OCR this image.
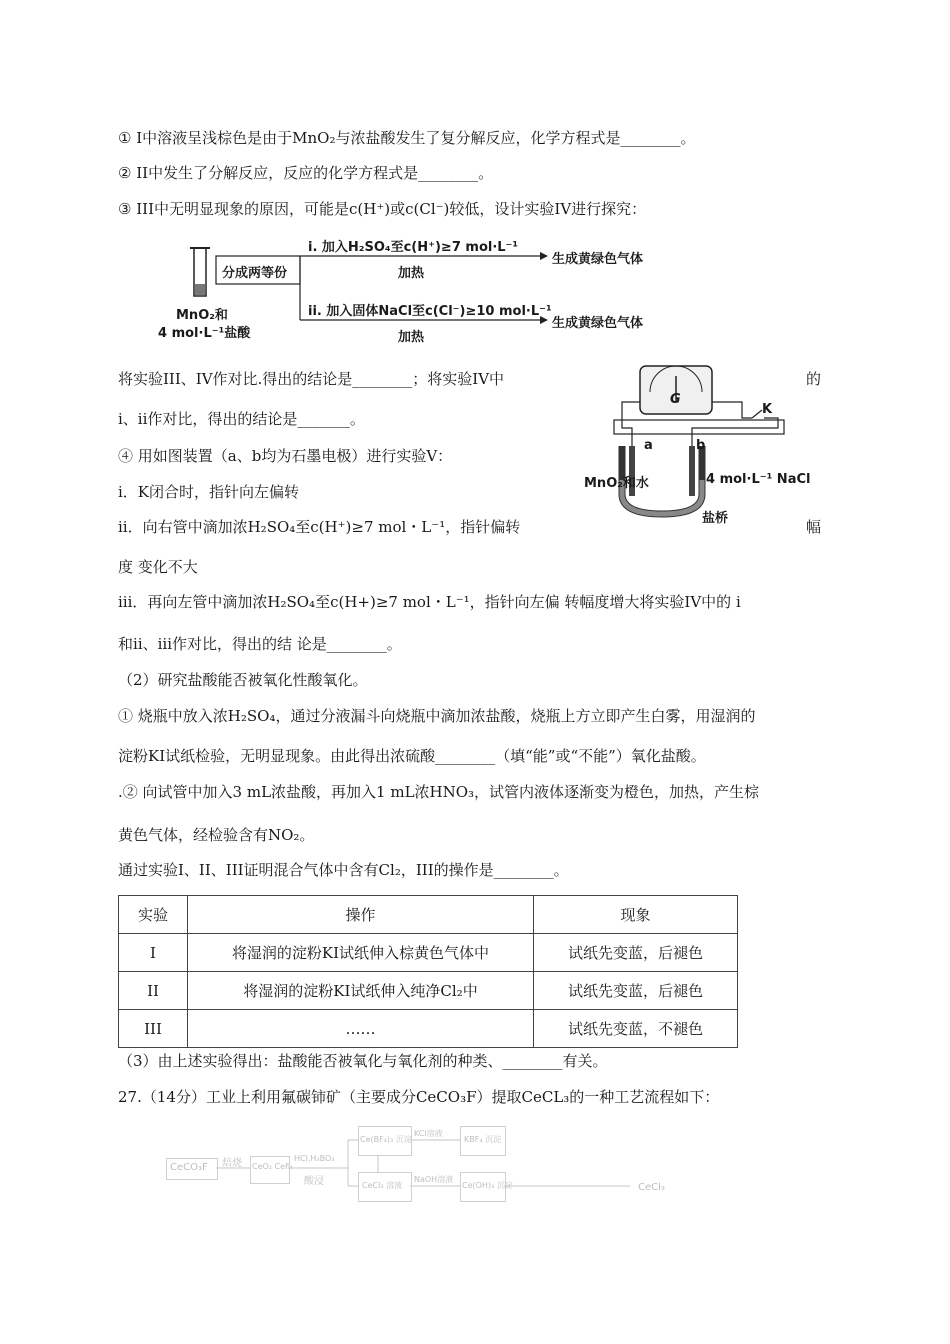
① I中溶液呈浅棕色是由于MnO₂与浓盐酸发生了复分解反应，化学方程式是________。
② II中发生了分解反应，反应的化学方程式是________。
③ III中无明显现象的原因，可能是c(H⁺)或c(Cl⁻)较低，设计实验IV进行探究：
MnO₂和
4 mol·L⁻¹盐酸
分成两等份
i. 加入H₂SO₄至c(H⁺)≥7 mol·L⁻¹
加热
生成黄绿色气体
ii. 加入固体NaCl至c(Cl⁻)≥10 mol·L⁻¹
加热
生成黄绿色气体
将实验III、IV作对比.得出的结论是________；将实验IV中	的
i、ii作对比，得出的结论是_______。
④ 用如图装置（a、b均为石墨电极）进行实验V：
ⅰ．K闭合时，指针向左偏转
ⅱ．向右管中滴加浓H₂SO₄至c(H⁺)≥7 mol・L⁻¹，指针偏转	幅
G
K
a	b
MnO₂和水	4 mol·L⁻¹ NaCl
盐桥
度 变化不大
ⅲ．再向左管中滴加浓H₂SO₄至c(H+)≥7 mol・L⁻¹，指针向左偏 转幅度增大将实验IV中的 i
和ⅱ、ⅲ作对比，得出的结 论是________。
（2）研究盐酸能否被氧化性酸氧化。
① 烧瓶中放入浓H₂SO₄，通过分液漏斗向烧瓶中滴加浓盐酸，烧瓶上方立即产生白雾，用湿润的
淀粉KI试纸检验，无明显现象。由此得出浓硫酸________（填“能”或“不能”）氧化盐酸。
.② 向试管中加入3 mL浓盐酸，再加入1 mL浓HNO₃，试管内液体逐渐变为橙色，加热，产生棕
黄色气体，经检验含有NO₂。
通过实验I、II、III证明混合气体中含有Cl₂，III的操作是________。
实验	操作	现象
I	将湿润的淀粉KI试纸伸入棕黄色气体中	试纸先变蓝，后褪色
II	将湿润的淀粉KI试纸伸入纯净Cl₂中	试纸先变蓝，后褪色
III	……	试纸先变蓝，不褪色
（3）由上述实验得出：盐酸能否被氧化与氧化剂的种类、________有关。
27.（14分）工业上利用氟碳铈矿（主要成分CeCO₃F）提取CeCL₃的一种工艺流程如下：
CeCO₃F 焙烧 CeO₂ CeF₄
HCl,H₃BO₃
酸浸
Ce(BF₄)₃ 沉淀
KCl溶液
KBF₄ 沉淀
CeCl₃ 溶液
NaOH溶液
Ce(OH)₃ 沉淀	CeCl₃
